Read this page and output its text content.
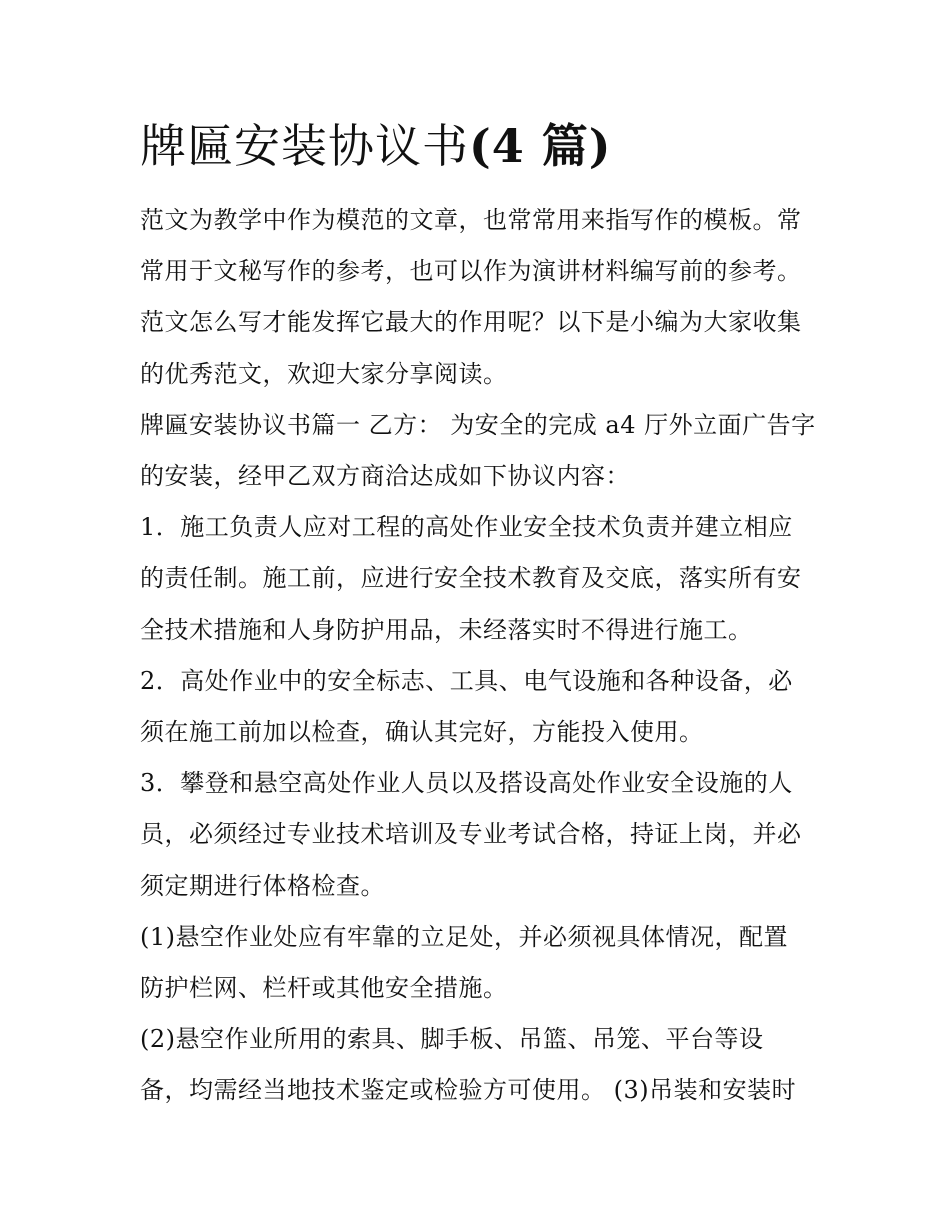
牌匾安装协议书(4 篇)

范文为教学中作为模范的文章，也常常用来指写作的模板。常

常用于文秘写作的参考，也可以作为演讲材料编写前的参考。

范文怎么写才能发挥它最大的作用呢？以下是小编为大家收集

的优秀范文，欢迎大家分享阅读。

牌匾安装协议书篇一 乙方： 为安全的完成 a4 厅外立面广告字

的安装，经甲乙双方商洽达成如下协议内容：

1．施工负责人应对工程的高处作业安全技术负责并建立相应

的责任制。施工前，应进行安全技术教育及交底，落实所有安

全技术措施和人身防护用品，未经落实时不得进行施工。

2．高处作业中的安全标志、工具、电气设施和各种设备，必

须在施工前加以检查，确认其完好，方能投入使用。

3．攀登和悬空高处作业人员以及搭设高处作业安全设施的人

员，必须经过专业技术培训及专业考试合格，持证上岗，并必

须定期进行体格检查。

(1)悬空作业处应有牢靠的立足处，并必须视具体情况，配置

防护栏网、栏杆或其他安全措施。

(2)悬空作业所用的索具、脚手板、吊篮、吊笼、平台等设

备，均需经当地技术鉴定或检验方可使用。 (3)吊装和安装时
